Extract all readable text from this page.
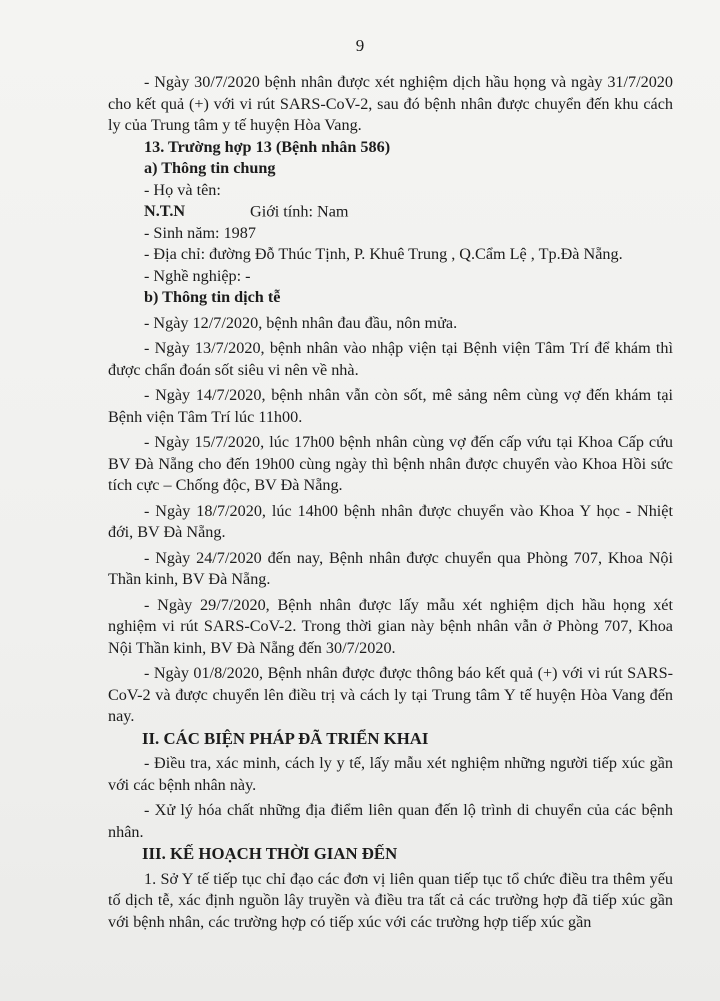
9

- Ngày 30/7/2020 bệnh nhân được xét nghiệm dịch hầu họng và ngày 31/7/2020 cho kết quả (+) với vi rút SARS-CoV-2, sau đó bệnh nhân được chuyển đến khu cách ly của Trung tâm y tế huyện Hòa Vang.

13. Trường hợp 13 (Bệnh nhân 586)

a) Thông tin chung

- Họ và tên: N.T.N	Giới tính: Nam

- Sinh năm: 1987

- Địa chỉ: đường Đỗ Thúc Tịnh, P. Khuê Trung , Q.Cẩm Lệ , Tp.Đà Nẵng.

- Nghề nghiệp: -

b) Thông tin dịch tễ

- Ngày 12/7/2020, bệnh nhân đau đầu, nôn mửa.

- Ngày 13/7/2020, bệnh nhân vào nhập viện tại Bệnh viện Tâm Trí để khám thì được chẩn đoán sốt siêu vi nên về nhà.

- Ngày 14/7/2020, bệnh nhân vẫn còn sốt, mê sảng nêm cùng vợ đến khám tại Bệnh viện Tâm Trí lúc 11h00.

- Ngày 15/7/2020, lúc 17h00 bệnh nhân cùng vợ đến cấp vứu tại Khoa Cấp cứu BV Đà Nẵng cho đến 19h00 cùng ngày thì bệnh nhân được chuyển vào Khoa Hồi sức tích cực – Chống độc, BV Đà Nẵng.

- Ngày 18/7/2020, lúc 14h00 bệnh nhân được chuyển vào Khoa Y học - Nhiệt đới, BV Đà Nẵng.

- Ngày 24/7/2020 đến nay, Bệnh nhân được chuyển qua Phòng 707, Khoa Nội Thần kinh, BV Đà Nẵng.

- Ngày 29/7/2020, Bệnh nhân được lấy mẫu xét nghiệm dịch hầu họng xét nghiệm vi rút SARS-CoV-2. Trong thời gian này bệnh nhân vẫn ở Phòng 707, Khoa Nội Thần kinh, BV Đà Nẵng đến 30/7/2020.

- Ngày 01/8/2020, Bệnh nhân được được thông báo kết quả (+) với vi rút SARS-CoV-2 và được chuyển lên điều trị và cách ly tại Trung tâm Y tế huyện Hòa Vang đến nay.

II. CÁC BIỆN PHÁP ĐÃ TRIỂN KHAI

- Điều tra, xác minh, cách ly y tế, lấy mẫu xét nghiệm những người tiếp xúc gần với các bệnh nhân này.

- Xử lý hóa chất những địa điểm liên quan đến lộ trình di chuyển của các bệnh nhân.

III. KẾ HOẠCH THỜI GIAN ĐẾN

1. Sở Y tế tiếp tục chỉ đạo các đơn vị liên quan tiếp tục tổ chức điều tra thêm yếu tố dịch tễ, xác định nguồn lây truyền và điều tra tất cả các trường hợp đã tiếp xúc gần với bệnh nhân, các trường hợp có tiếp xúc với các trường hợp tiếp xúc gần
